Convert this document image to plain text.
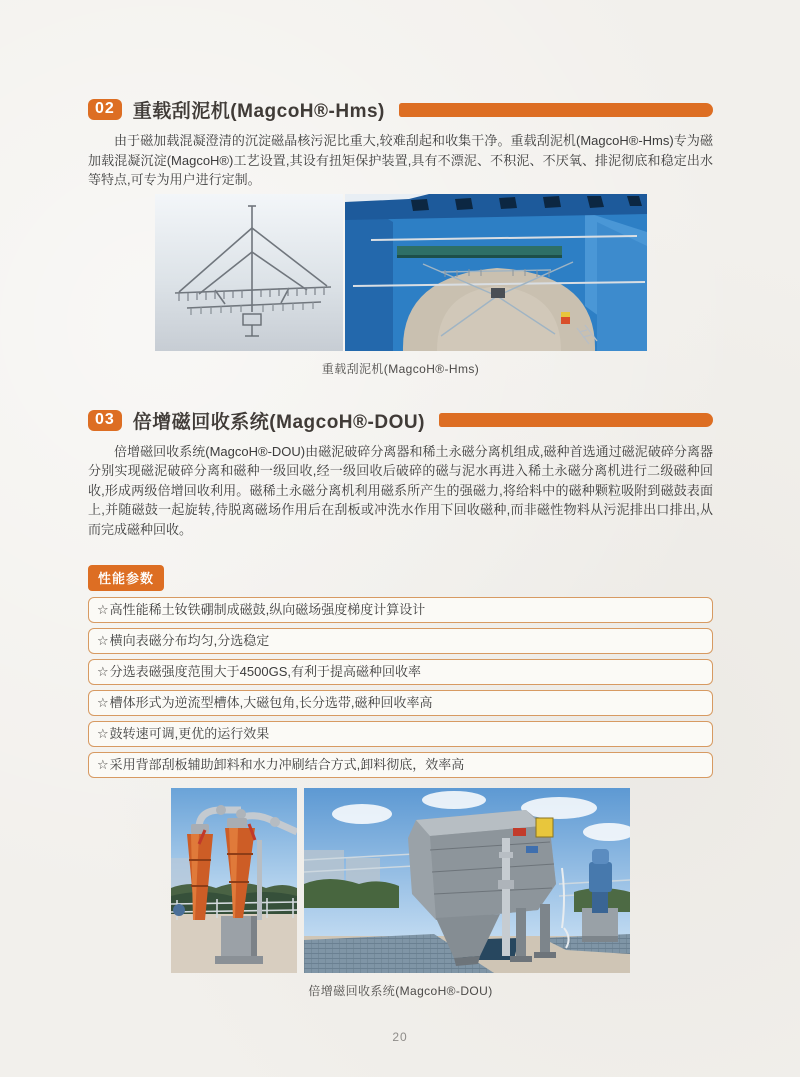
02 重载刮泥机(MagcoH®-Hms)

由于磁加载混凝澄清的沉淀磁晶核污泥比重大,较难刮起和收集干净。重载刮泥机(MagcoH®-Hms)专为磁加载混凝沉淀(MagcoH®)工艺设置,其设有扭矩保护装置,具有不漂泥、不积泥、不厌氧、排泥彻底和稳定出水等特点,可专为用户进行定制。

重载刮泥机(MagcoH®-Hms)
03 倍增磁回收系统(MagcoH®-DOU)

倍增磁回收系统(MagcoH®-DOU)由磁泥破碎分离器和稀土永磁分离机组成,磁种首选通过磁泥破碎分离器分别实现磁泥破碎分离和磁种一级回收,经一级回收后破碎的磁与泥水再进入稀土永磁分离机进行二级磁种回收,形成两级倍增回收利用。磁稀土永磁分离机利用磁系所产生的强磁力,将给料中的磁种颗粒吸附到磁鼓表面上,并随磁鼓一起旋转,待脱离磁场作用后在刮板或冲洗水作用下回收磁种,而非磁性物料从污泥排出口排出,从而完成磁种回收。

性能参数
☆ 高性能稀土钕铁硼制成磁鼓,纵向磁场强度梯度计算设计
☆ 横向表磁分布均匀,分选稳定
☆ 分选表磁强度范围大于4500GS,有利于提高磁种回收率
☆ 槽体形式为逆流型槽体,大磁包角,长分选带,磁种回收率高
☆ 鼓转速可调,更优的运行效果
☆ 采用背部刮板辅助卸料和水力冲刷结合方式,卸料彻底，效率高
倍增磁回收系统(MagcoH®-DOU)
20
